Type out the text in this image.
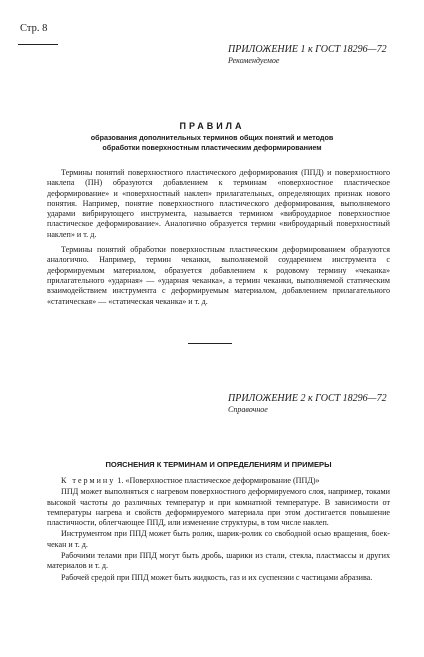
Стр. 8
ПРИЛОЖЕНИЕ 1 к ГОСТ 18296—72
Рекомендуемое
ПРАВИЛА
образования дополнительных терминов общих понятий и методов
обработки поверхностным пластическим деформированием

Термины понятий поверхностного пластического деформирования (ППД) и поверхностного наклепа (ПН) образуются добавлением к терминам «поверхностное пластическое деформирование» и «поверхностный наклеп» прилагательных, определяющих признак нового понятия. Например, понятие поверхностного пластического деформирования, выполняемого ударами вибрирующего инструмента, называется термином «виброударное поверхностное пластическое деформирование». Аналогично образуется термин «виброударный поверхностный наклеп» и т. д.

Термины понятий обработки поверхностным пластическим деформированием образуются аналогично. Например, термин чеканки, выполняемой соударением инструмента с деформируемым материалом, образуется добавлением к родовому термину «чеканка» прилагательного «ударная» — «ударная чеканка», а термин чеканки, выполняемой статическим взаимодействием инструмента с деформируемым материалом, добавлением прилагательного «статическая» — «статическая чеканка» и т. д.

ПРИЛОЖЕНИЕ 2 к ГОСТ 18296—72
Справочное
ПОЯСНЕНИЯ К ТЕРМИНАМ И ОПРЕДЕЛЕНИЯМ И ПРИМЕРЫ

К термину 1. «Поверхностное пластическое деформирование (ППД)»

ППД может выполняться с нагревом поверхностного деформируемого слоя, например, токами высокой частоты до различных температур и при комнатной температуре. В зависимости от температуры нагрева и свойств деформируемого материала при этом достигается повышение пластичности, облегчающее ППД, или изменение структуры, в том числе наклеп.

Инструментом при ППД может быть ролик, шарик-ролик со свободной осью вращения, боек-чекан и т. д.

Рабочими телами при ППД могут быть дробь, шарики из стали, стекла, пластмассы и других материалов и т. д.

Рабочей средой при ППД может быть жидкость, газ и их суспензии с частицами абразива.
